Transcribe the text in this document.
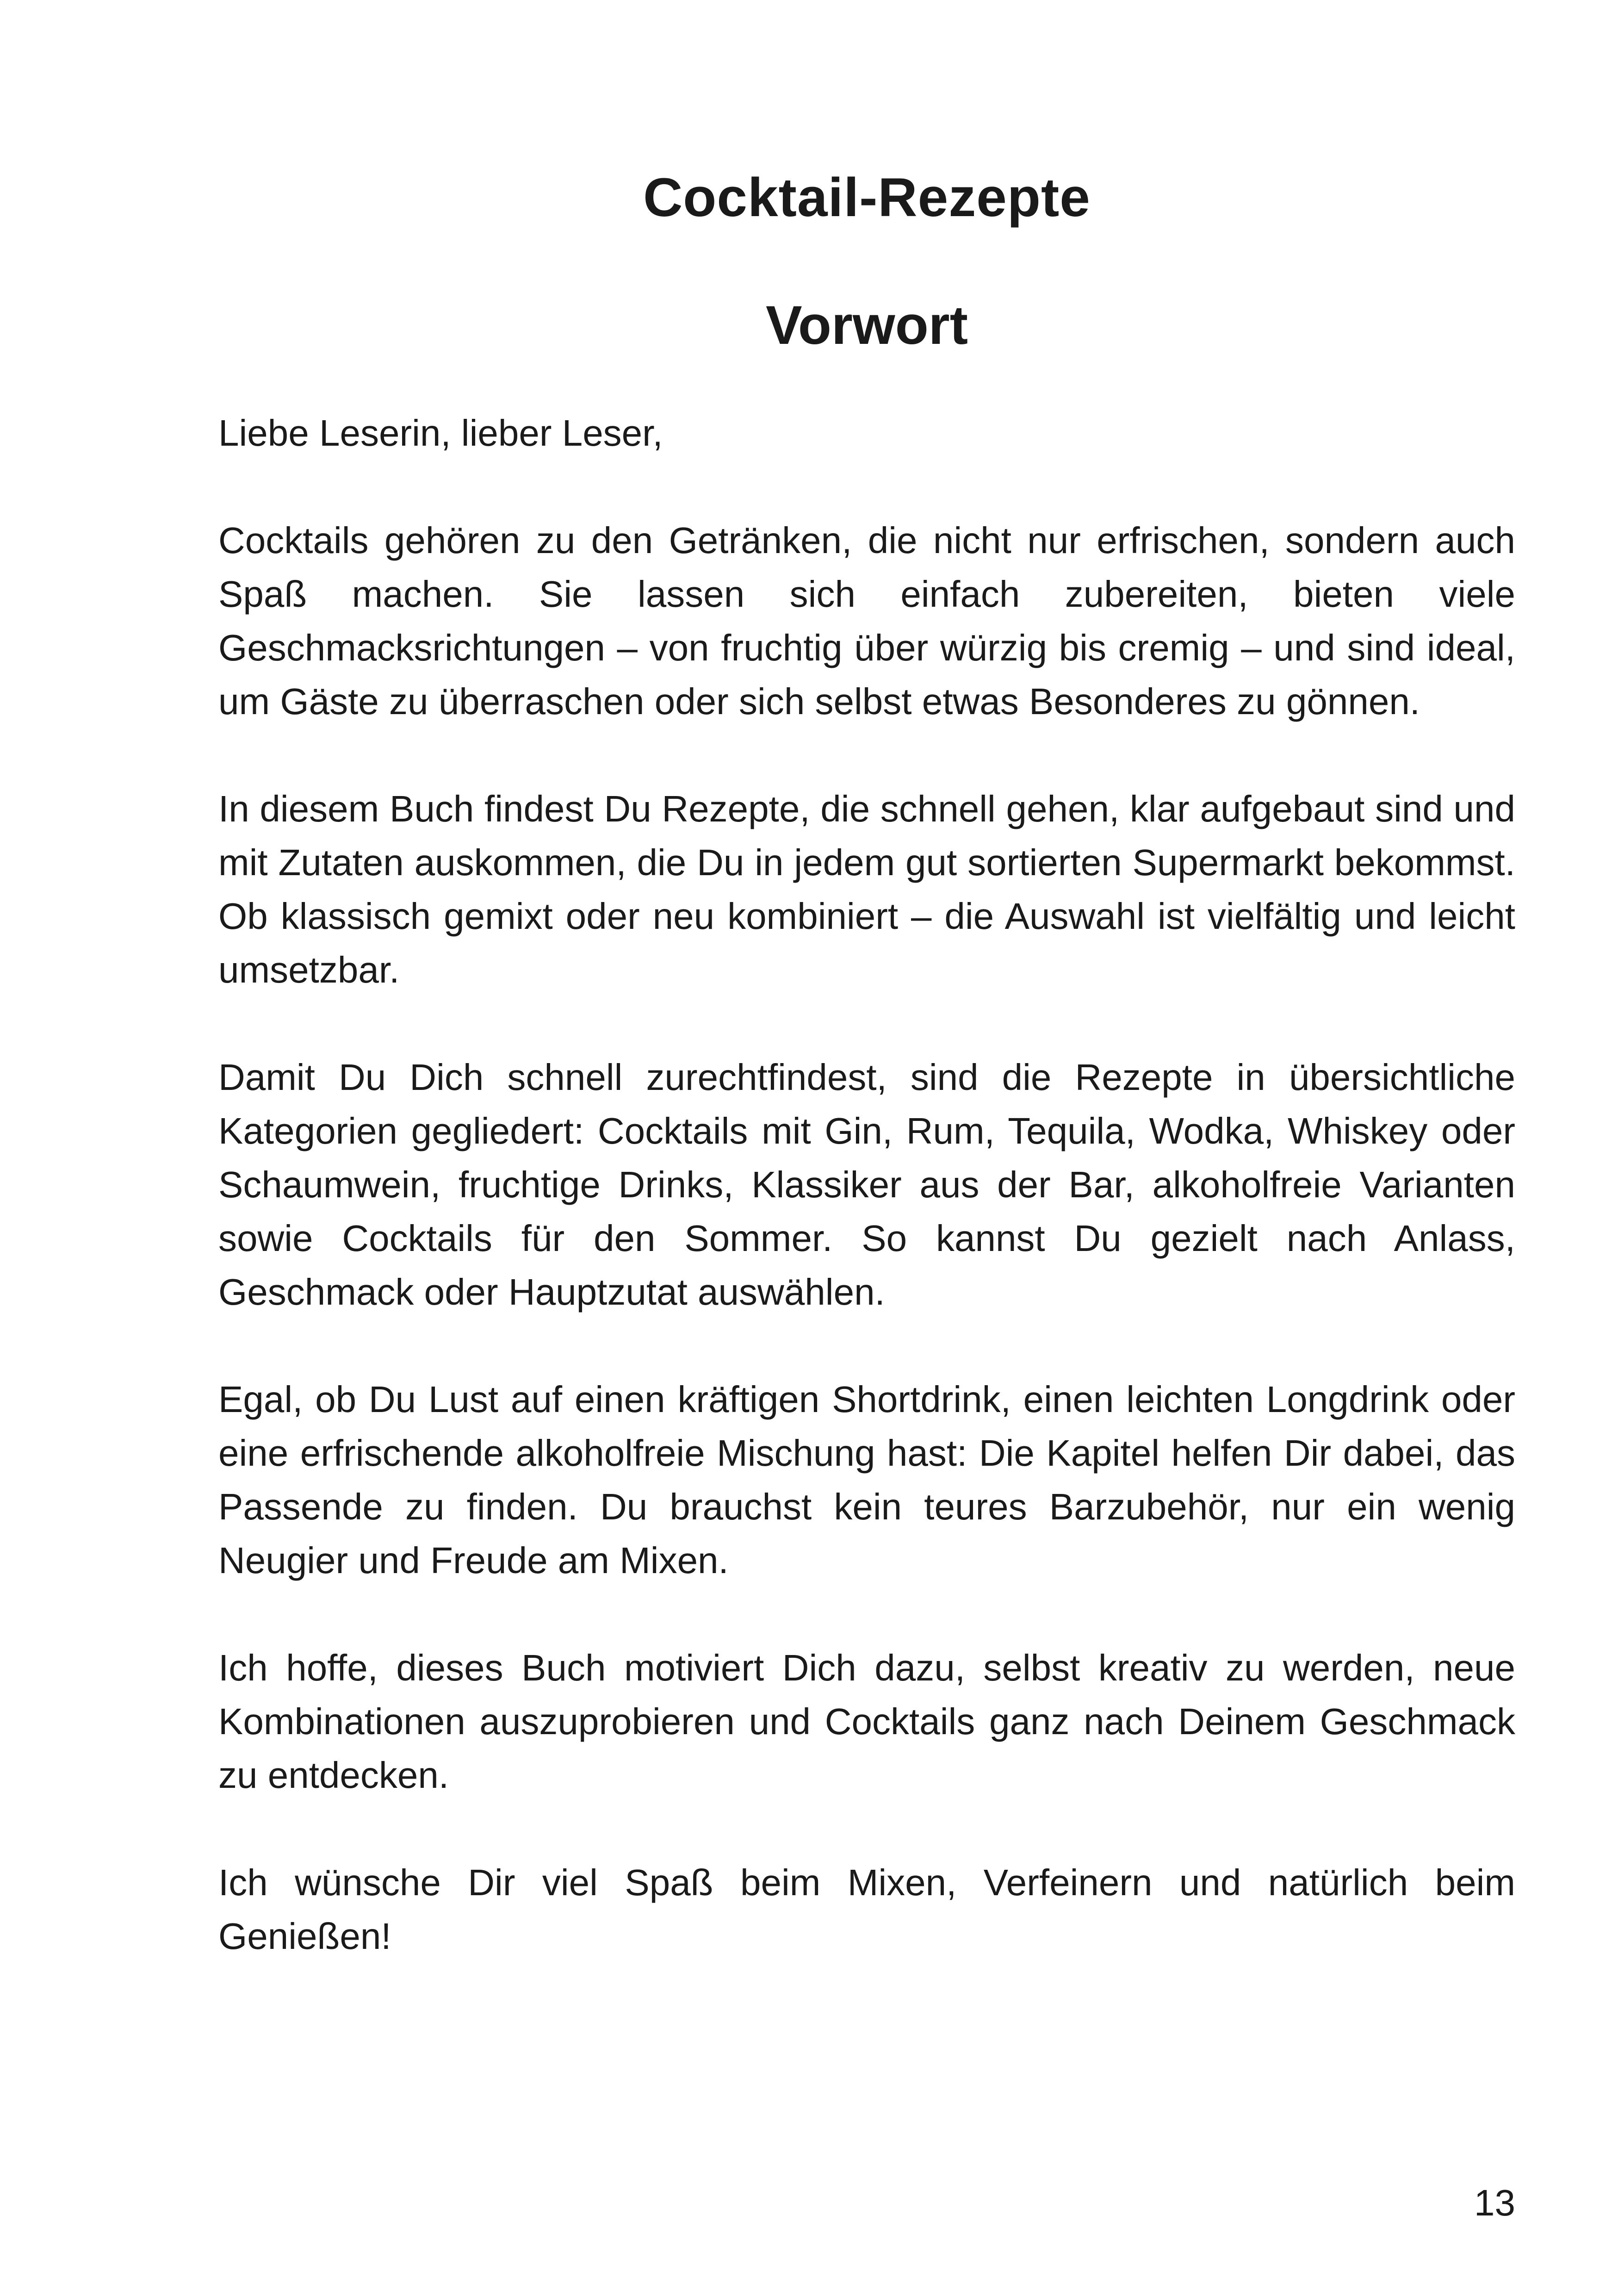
Cocktail-Rezepte
Vorwort

Liebe Leserin, lieber Leser,

Cocktails gehören zu den Getränken, die nicht nur erfrischen, sondern auch Spaß machen. Sie lassen sich einfach zubereiten, bieten viele Geschmacksrichtungen – von fruchtig über würzig bis cremig – und sind ideal, um Gäste zu überraschen oder sich selbst etwas Besonderes zu gönnen.

In diesem Buch findest Du Rezepte, die schnell gehen, klar aufgebaut sind und mit Zutaten auskommen, die Du in jedem gut sortierten Supermarkt bekommst. Ob klassisch gemixt oder neu kombiniert – die Auswahl ist vielfältig und leicht umsetzbar.

Damit Du Dich schnell zurechtfindest, sind die Rezepte in übersichtliche Kategorien gegliedert: Cocktails mit Gin, Rum, Tequila, Wodka, Whiskey oder Schaumwein, fruchtige Drinks, Klassiker aus der Bar, alkoholfreie Varianten sowie Cocktails für den Sommer. So kannst Du gezielt nach Anlass, Geschmack oder Hauptzutat auswählen.

Egal, ob Du Lust auf einen kräftigen Shortdrink, einen leichten Longdrink oder eine erfrischende alkoholfreie Mischung hast: Die Kapitel helfen Dir dabei, das Passende zu finden. Du brauchst kein teures Barzubehör, nur ein wenig Neugier und Freude am Mixen.

Ich hoffe, dieses Buch motiviert Dich dazu, selbst kreativ zu werden, neue Kombinationen auszuprobieren und Cocktails ganz nach Deinem Geschmack zu entdecken.

Ich wünsche Dir viel Spaß beim Mixen, Verfeinern und natürlich beim Genießen!

13
